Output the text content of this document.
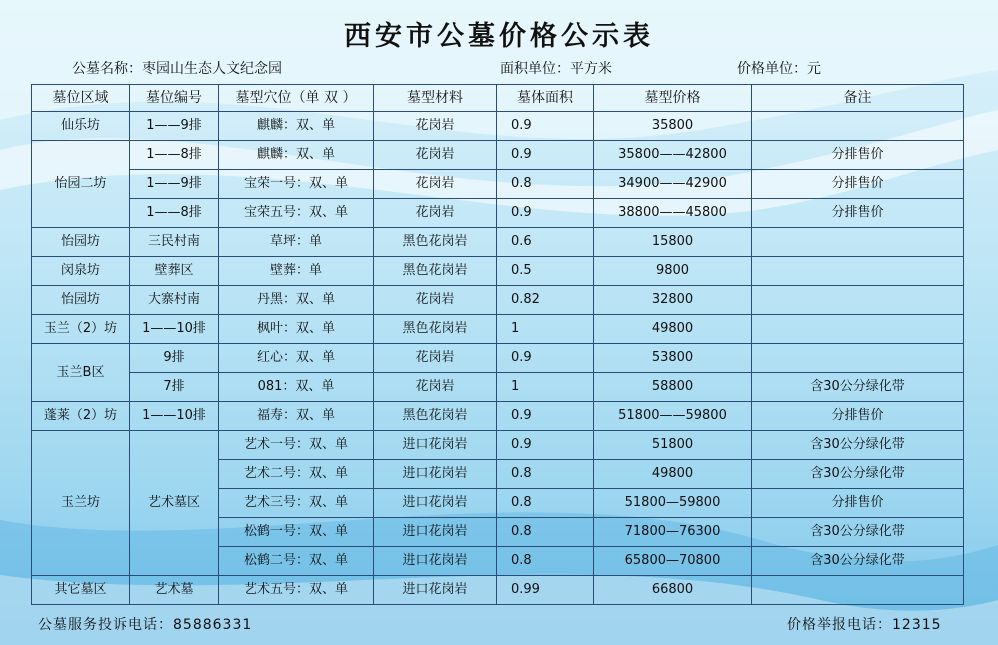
西安市公墓价格公示表
公墓名称：枣园山生态人文纪念园	面积单位：平方米	价格单位：元
墓位区域	墓位编号	墓型穴位（单 双 ）	墓型材料	墓体面积	墓型价格	备注
仙乐坊	1——9排	麒麟：双、单	花岗岩	0.9	35800	
怡园二坊	1——8排	麒麟：双、单	花岗岩	0.9	35800——42800	分排售价
	1——9排	宝荣一号：双、单	花岗岩	0.8	34900——42900	分排售价
	1——8排	宝荣五号：双、单	花岗岩	0.9	38800——45800	分排售价
怡园坊	三民村南	草坪：单	黑色花岗岩	0.6	15800	
闵泉坊	壁葬区	壁葬：单	黑色花岗岩	0.5	9800	
怡园坊	大寨村南	丹黑：双、单	花岗岩	0.82	32800	
玉兰（2）坊	1——10排	枫叶：双、单	黑色花岗岩	1	49800	
玉兰B区	9排	红心：双、单	花岗岩	0.9	53800	
	7排	081：双、单	花岗岩	1	58800	含30公分绿化带
蓬莱（2）坊	1——10排	福寿：双、单	黑色花岗岩	0.9	51800——59800	分排售价
玉兰坊	艺术墓区	艺术一号：双、单	进口花岗岩	0.9	51800	含30公分绿化带
		艺术二号：双、单	进口花岗岩	0.8	49800	含30公分绿化带
		艺术三号：双、单	进口花岗岩	0.8	51800—59800	分排售价
		松鹤一号：双、单	进口花岗岩	0.8	71800—76300	含30公分绿化带
		松鹤二号：双、单	进口花岗岩	0.8	65800—70800	含30公分绿化带
其它墓区	艺术墓	艺术五号：双、单	进口花岗岩	0.99	66800	
公墓服务投诉电话：85886331	价格举报电话：12315
